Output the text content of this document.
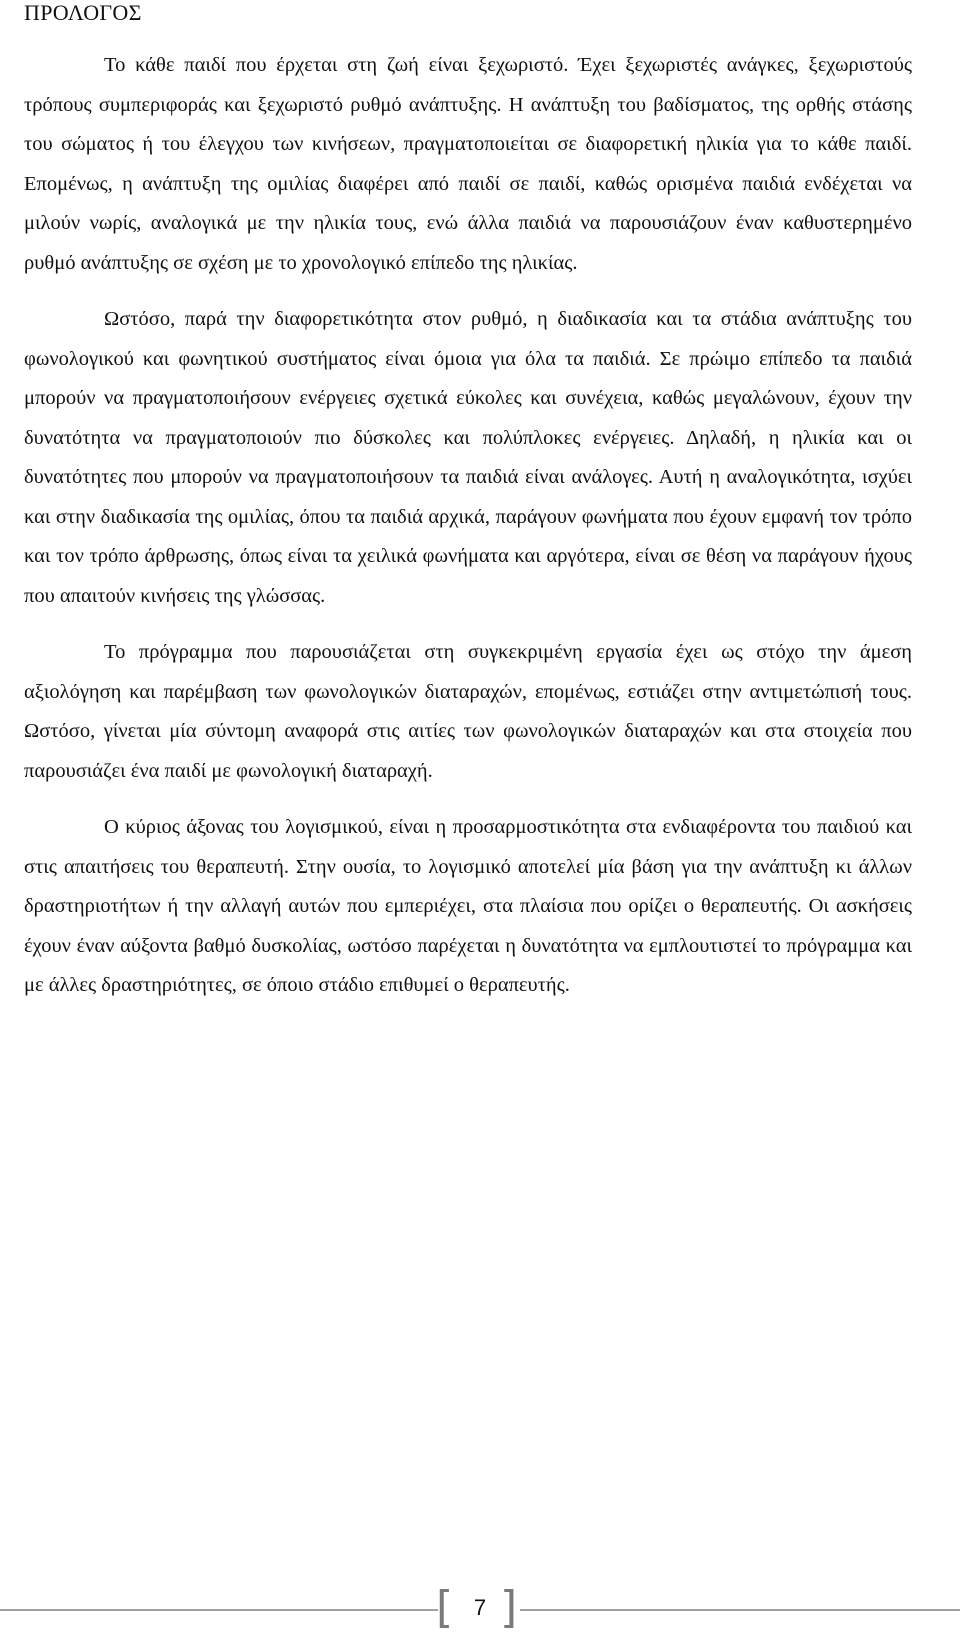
ΠΡΟΛΟΓΟΣ

Το κάθε παιδί που έρχεται στη ζωή είναι ξεχωριστό. Έχει ξεχωριστές ανάγκες, ξεχωριστούς τρόπους συμπεριφοράς και ξεχωριστό ρυθμό ανάπτυξης. Η ανάπτυξη του βαδίσματος, της ορθής στάσης του σώματος ή του έλεγχου των κινήσεων, πραγματοποιείται σε διαφορετική ηλικία για το κάθε παιδί. Επομένως, η ανάπτυξη της ομιλίας διαφέρει από παιδί σε παιδί, καθώς ορισμένα παιδιά ενδέχεται να μιλούν νωρίς, αναλογικά με την ηλικία τους, ενώ άλλα παιδιά να παρουσιάζουν έναν καθυστερημένο ρυθμό ανάπτυξης σε σχέση με το χρονολογικό επίπεδο της ηλικίας.

Ωστόσο, παρά την διαφορετικότητα στον ρυθμό, η διαδικασία και τα στάδια ανάπτυξης του φωνολογικού και φωνητικού συστήματος είναι όμοια για όλα τα παιδιά. Σε πρώιμο επίπεδο τα παιδιά μπορούν να πραγματοποιήσουν ενέργειες σχετικά εύκολες και συνέχεια, καθώς μεγαλώνουν, έχουν την δυνατότητα να πραγματοποιούν πιο δύσκολες και πολύπλοκες ενέργειες. Δηλαδή, η ηλικία και οι δυνατότητες που μπορούν να πραγματοποιήσουν τα παιδιά είναι ανάλογες. Αυτή η αναλογικότητα, ισχύει και στην διαδικασία της ομιλίας, όπου τα παιδιά αρχικά, παράγουν φωνήματα που έχουν εμφανή τον τρόπο και τον τρόπο άρθρωσης, όπως είναι τα χειλικά φωνήματα και αργότερα, είναι σε θέση να παράγουν ήχους που απαιτούν κινήσεις της γλώσσας.

Το πρόγραμμα που παρουσιάζεται στη συγκεκριμένη εργασία έχει ως στόχο την άμεση αξιολόγηση και παρέμβαση των φωνολογικών διαταραχών, επομένως, εστιάζει στην αντιμετώπισή τους. Ωστόσο, γίνεται μία σύντομη αναφορά στις αιτίες των φωνολογικών διαταραχών και στα στοιχεία που παρουσιάζει ένα παιδί με φωνολογική διαταραχή.

Ο κύριος άξονας του λογισμικού, είναι η προσαρμοστικότητα στα ενδιαφέροντα του παιδιού και στις απαιτήσεις του θεραπευτή. Στην ουσία, το λογισμικό αποτελεί μία βάση για την ανάπτυξη κι άλλων δραστηριοτήτων ή την αλλαγή αυτών που εμπεριέχει, στα πλαίσια που ορίζει ο θεραπευτής. Οι ασκήσεις έχουν έναν αύξοντα βαθμό δυσκολίας, ωστόσο παρέχεται η δυνατότητα να εμπλουτιστεί το πρόγραμμα και με άλλες δραστηριότητες, σε όποιο στάδιο επιθυμεί ο θεραπευτής.

[ 7 ]
